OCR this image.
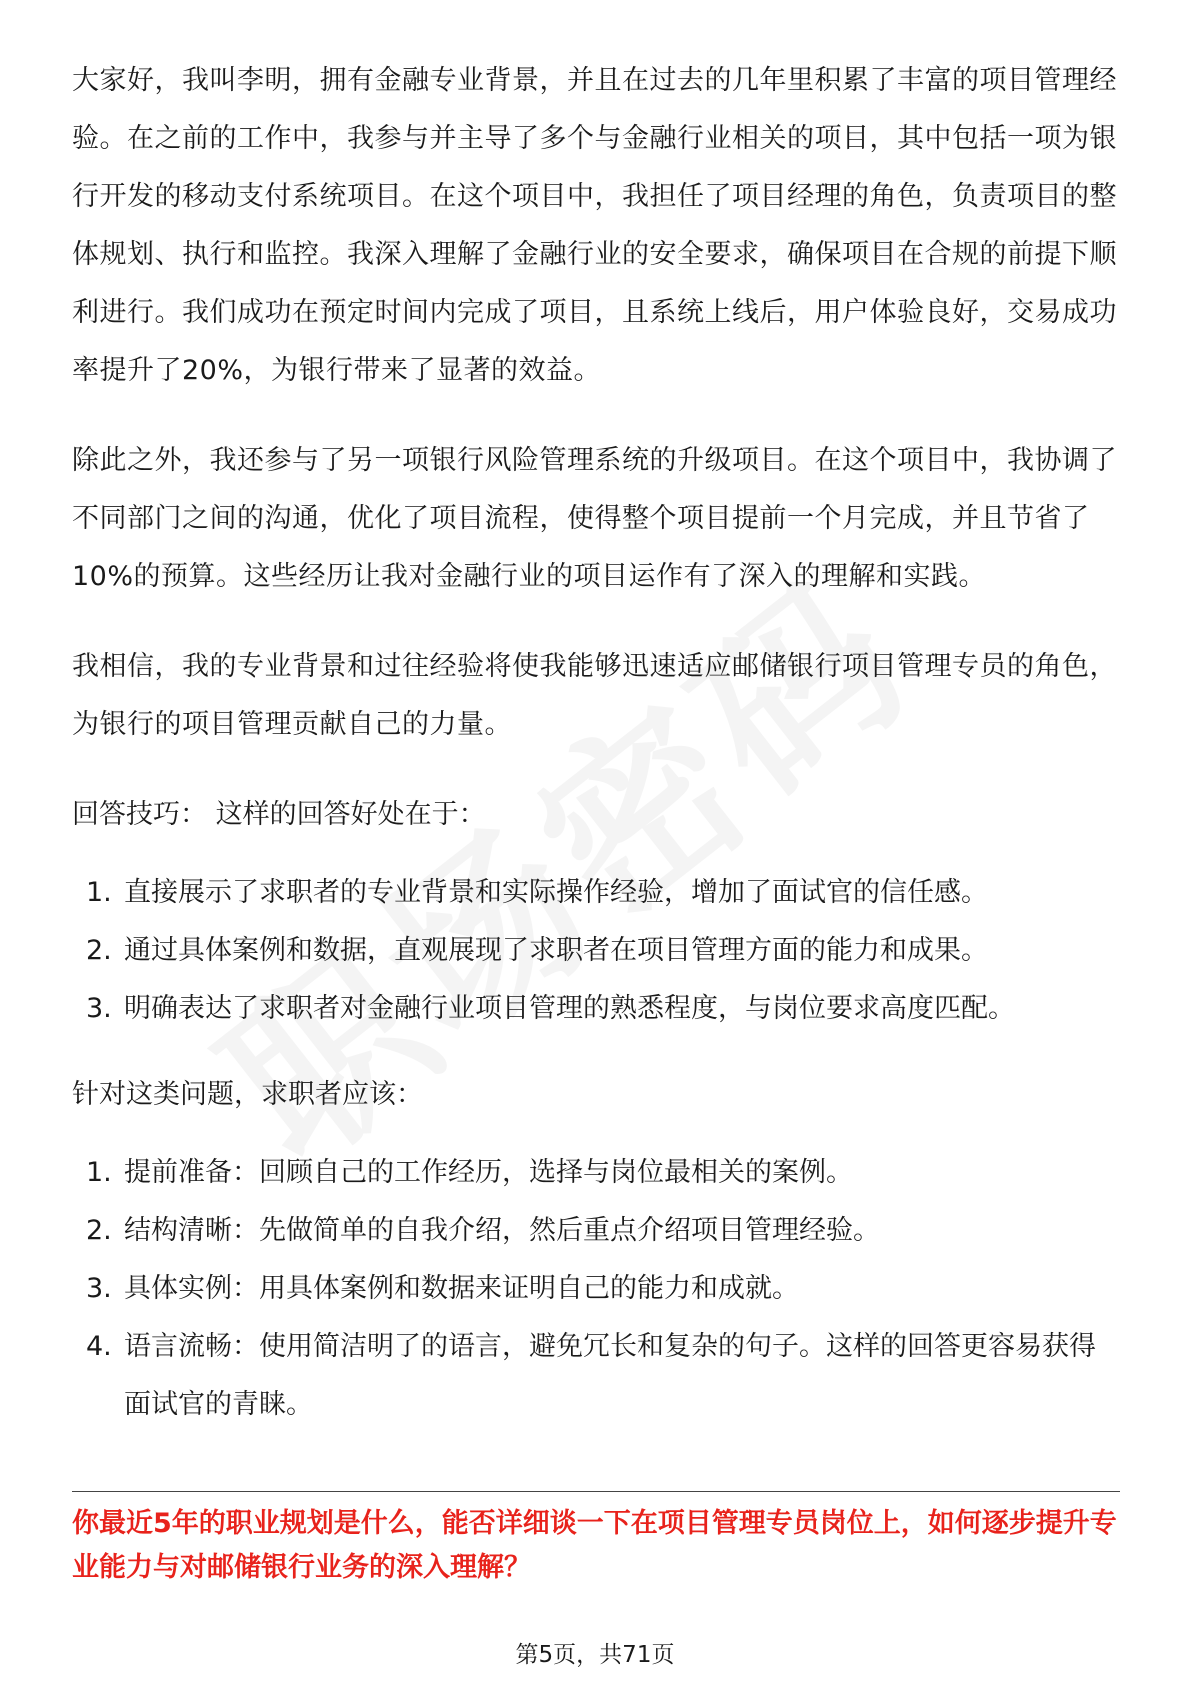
大家好，我叫李明，拥有金融专业背景，并且在过去的几年里积累了丰富的项目管理经验。在之前的工作中，我参与并主导了多个与金融行业相关的项目，其中包括一项为银行开发的移动支付系统项目。在这个项目中，我担任了项目经理的角色，负责项目的整体规划、执行和监控。我深入理解了金融行业的安全要求，确保项目在合规的前提下顺利进行。我们成功在预定时间内完成了项目，且系统上线后，用户体验良好，交易成功率提升了20%，为银行带来了显著的效益。

除此之外，我还参与了另一项银行风险管理系统的升级项目。在这个项目中，我协调了不同部门之间的沟通，优化了项目流程，使得整个项目提前一个月完成，并且节省了10%的预算。这些经历让我对金融行业的项目运作有了深入的理解和实践。

我相信，我的专业背景和过往经验将使我能够迅速适应邮储银行项目管理专员的角色，为银行的项目管理贡献自己的力量。

回答技巧： 这样的回答好处在于：
1. 直接展示了求职者的专业背景和实际操作经验，增加了面试官的信任感。
2. 通过具体案例和数据，直观展现了求职者在项目管理方面的能力和成果。
3. 明确表达了求职者对金融行业项目管理的熟悉程度，与岗位要求高度匹配。
针对这类问题，求职者应该：
1. 提前准备：回顾自己的工作经历，选择与岗位最相关的案例。
2. 结构清晰：先做简单的自我介绍，然后重点介绍项目管理经验。
3. 具体实例：用具体案例和数据来证明自己的能力和成就。
4. 语言流畅：使用简洁明了的语言，避免冗长和复杂的句子。这样的回答更容易获得面试官的青睐。
你最近5年的职业规划是什么，能否详细谈一下在项目管理专员岗位上，如何逐步提升专业能力与对邮储银行业务的深入理解？
第5页，共71页
